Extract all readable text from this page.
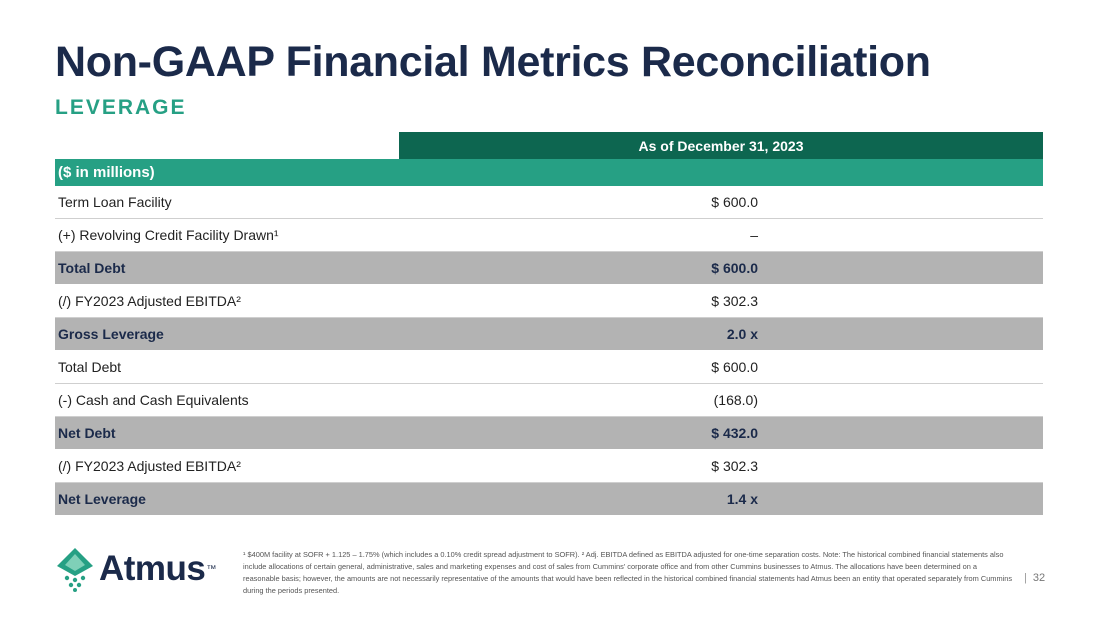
Non-GAAP Financial Metrics Reconciliation
LEVERAGE
As of December 31, 2023
($ in millions)
Term Loan Facility	$ 600.0
(+) Revolving Credit Facility Drawn¹	–
Total Debt	$ 600.0
(/) FY2023 Adjusted EBITDA²	$ 302.3
Gross Leverage	2.0 x
Total Debt	$ 600.0
(-) Cash and Cash Equivalents	(168.0)
Net Debt	$ 432.0
(/) FY2023 Adjusted EBITDA²	$ 302.3
Net Leverage	1.4 x
Atmus ™
¹ $400M facility at SOFR + 1.125 – 1.75% (which includes a 0.10% credit spread adjustment to SOFR). ² Adj. EBITDA defined as EBITDA adjusted for one-time separation costs. Note: The historical combined financial statements also include allocations of certain general, administrative, sales and marketing expenses and cost of sales from Cummins' corporate office and from other Cummins businesses to Atmus. The allocations have been determined on a reasonable basis; however, the amounts are not necessarily representative of the amounts that would have been reflected in the historical combined financial statements had Atmus been an entity that operated separately from Cummins during the periods presented.
| 32
